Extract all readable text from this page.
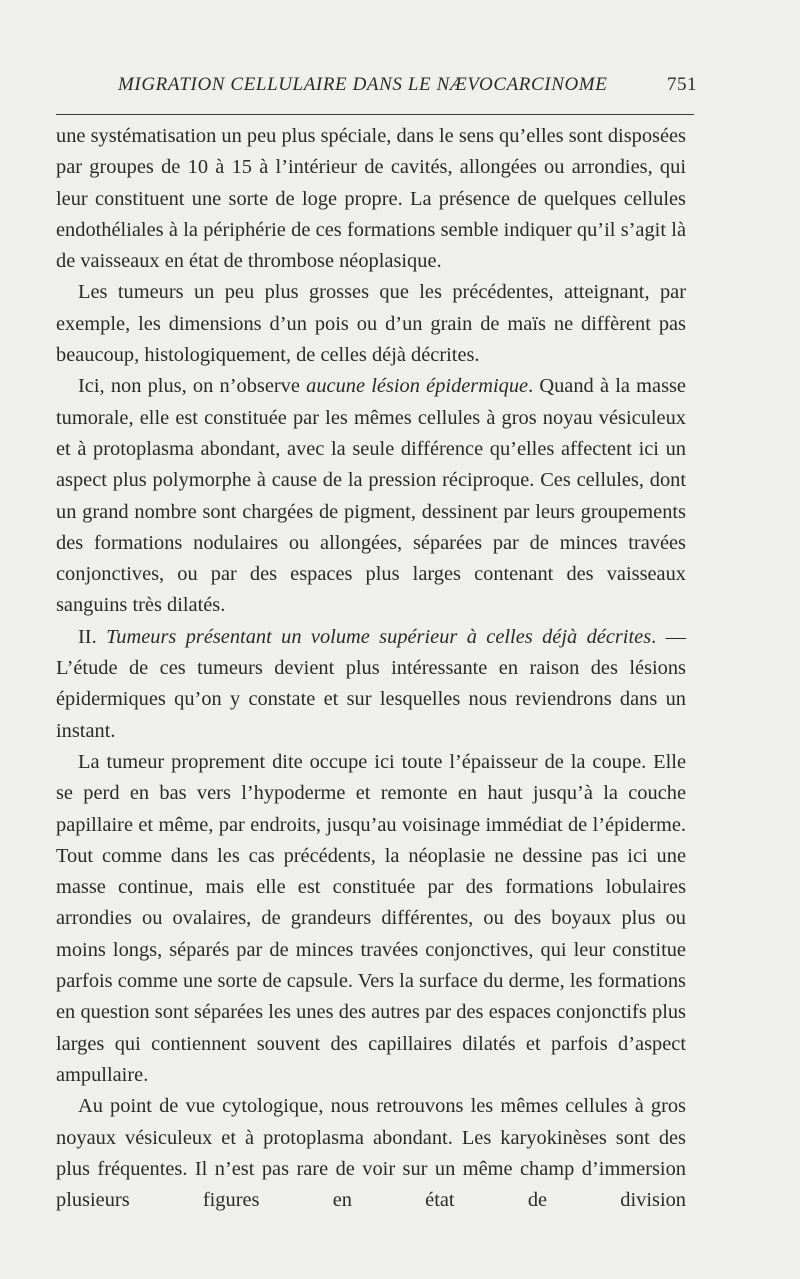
MIGRATION CELLULAIRE DANS LE NÆVOCARCINOME	751

une systématisation un peu plus spéciale, dans le sens qu’elles sont disposées par groupes de 10 à 15 à l’intérieur de cavités, allongées ou arrondies, qui leur constituent une sorte de loge propre. La présence de quelques cellules endothéliales à la périphérie de ces formations semble indiquer qu’il s’agit là de vaisseaux en état de thrombose néoplasique.

Les tumeurs un peu plus grosses que les précédentes, atteignant, par exemple, les dimensions d’un pois ou d’un grain de maïs ne diffèrent pas beaucoup, histologiquement, de celles déjà décrites.

Ici, non plus, on n’observe aucune lésion épidermique. Quand à la masse tumorale, elle est constituée par les mêmes cellules à gros noyau vésiculeux et à protoplasma abondant, avec la seule différence qu’elles affectent ici un aspect plus polymorphe à cause de la pression réciproque. Ces cellules, dont un grand nombre sont chargées de pigment, dessinent par leurs groupements des formations nodulaires ou allongées, séparées par de minces travées conjonctives, ou par des espaces plus larges contenant des vaisseaux sanguins très dilatés.

II. Tumeurs présentant un volume supérieur à celles déjà décrites. — L’étude de ces tumeurs devient plus intéressante en raison des lésions épidermiques qu’on y constate et sur lesquelles nous reviendrons dans un instant.

La tumeur proprement dite occupe ici toute l’épaisseur de la coupe. Elle se perd en bas vers l’hypoderme et remonte en haut jusqu’à la couche papillaire et même, par endroits, jusqu’au voisinage immédiat de l’épiderme. Tout comme dans les cas précédents, la néoplasie ne dessine pas ici une masse continue, mais elle est constituée par des formations lobulaires arrondies ou ovalaires, de grandeurs différentes, ou des boyaux plus ou moins longs, séparés par de minces travées conjonctives, qui leur constitue parfois comme une sorte de capsule. Vers la surface du derme, les formations en question sont séparées les unes des autres par des espaces conjonctifs plus larges qui contiennent souvent des capillaires dilatés et parfois d’aspect ampullaire.

Au point de vue cytologique, nous retrouvons les mêmes cellules à gros noyaux vésiculeux et à protoplasma abondant. Les karyokinèses sont des plus fréquentes. Il n’est pas rare de voir sur un même champ d’immersion plusieurs figures en état de division
